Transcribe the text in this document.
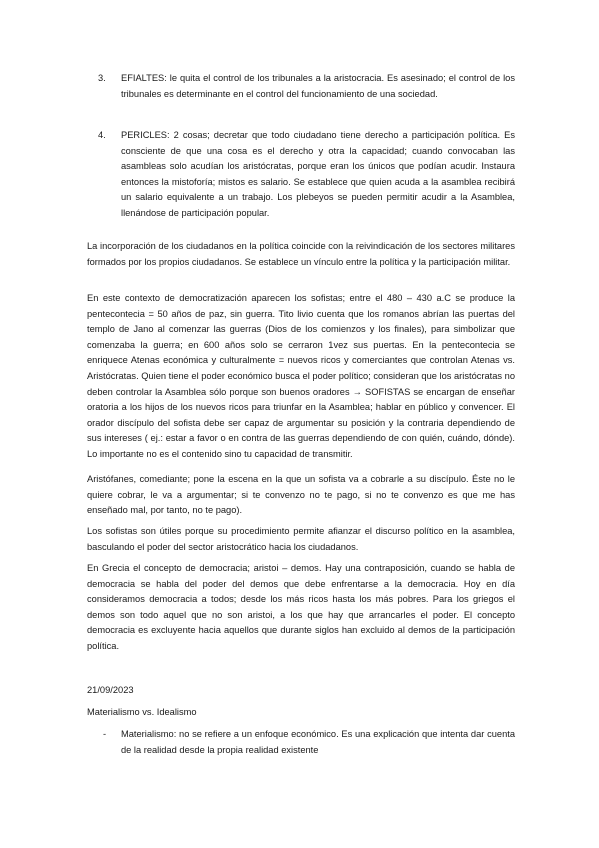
3. EFIALTES: le quita el control de los tribunales a la aristocracia. Es asesinado; el control de los tribunales es determinante en el control del funcionamiento de una sociedad.
4. PERICLES: 2 cosas; decretar que todo ciudadano tiene derecho a participación política. Es consciente de que una cosa es el derecho y otra la capacidad; cuando convocaban las asambleas solo acudían los aristócratas, porque eran los únicos que podían acudir. Instaura entonces la mistoforía; mistos es salario. Se establece que quien acuda a la asamblea recibirá un salario equivalente a un trabajo. Los plebeyos se pueden permitir acudir a la Asamblea, llenándose de participación popular.

La incorporación de los ciudadanos en la política coincide con la reivindicación de los sectores militares formados por los propios ciudadanos. Se establece un vínculo entre la política y la participación militar.

En este contexto de democratización aparecen los sofistas; entre el 480 – 430 a.C se produce la pentecontecia = 50 años de paz, sin guerra. Tito livio cuenta que los romanos abrían las puertas del templo de Jano al comenzar las guerras (Dios de los comienzos y los finales), para simbolizar que comenzaba la guerra; en 600 años solo se cerraron 1vez sus puertas. En la pentecontecia se enriquece Atenas económica y culturalmente = nuevos ricos y comerciantes que controlan Atenas vs. Aristócratas. Quien tiene el poder económico busca el poder político; consideran que los aristócratas no deben controlar la Asamblea sólo porque son buenos oradores → SOFISTAS se encargan de enseñar oratoria a los hijos de los nuevos ricos para triunfar en la Asamblea; hablar en público y convencer. El orador discípulo del sofista debe ser capaz de argumentar su posición y la contraria dependiendo de sus intereses ( ej.: estar a favor o en contra de las guerras dependiendo de con quién, cuándo, dónde). Lo importante no es el contenido sino tu capacidad de transmitir.

Aristófanes, comediante; pone la escena en la que un sofista va a cobrarle a su discípulo. Éste no le quiere cobrar, le va a argumentar; si te convenzo no te pago, si no te convenzo es que me has enseñado mal, por tanto, no te pago).

Los sofistas son útiles porque su procedimiento permite afianzar el discurso político en la asamblea, basculando el poder del sector aristocrático hacia los ciudadanos.

En Grecia el concepto de democracia; aristoi – demos. Hay una contraposición, cuando se habla de democracia se habla del poder del demos que debe enfrentarse a la democracia. Hoy en día consideramos democracia a todos; desde los más ricos hasta los más pobres. Para los griegos el demos son todo aquel que no son aristoi, a los que hay que arrancarles el poder. El concepto democracia es excluyente hacia aquellos que durante siglos han excluido al demos de la participación política.

21/09/2023

Materialismo vs. Idealismo

- Materialismo: no se refiere a un enfoque económico. Es una explicación que intenta dar cuenta de la realidad desde la propia realidad existente
